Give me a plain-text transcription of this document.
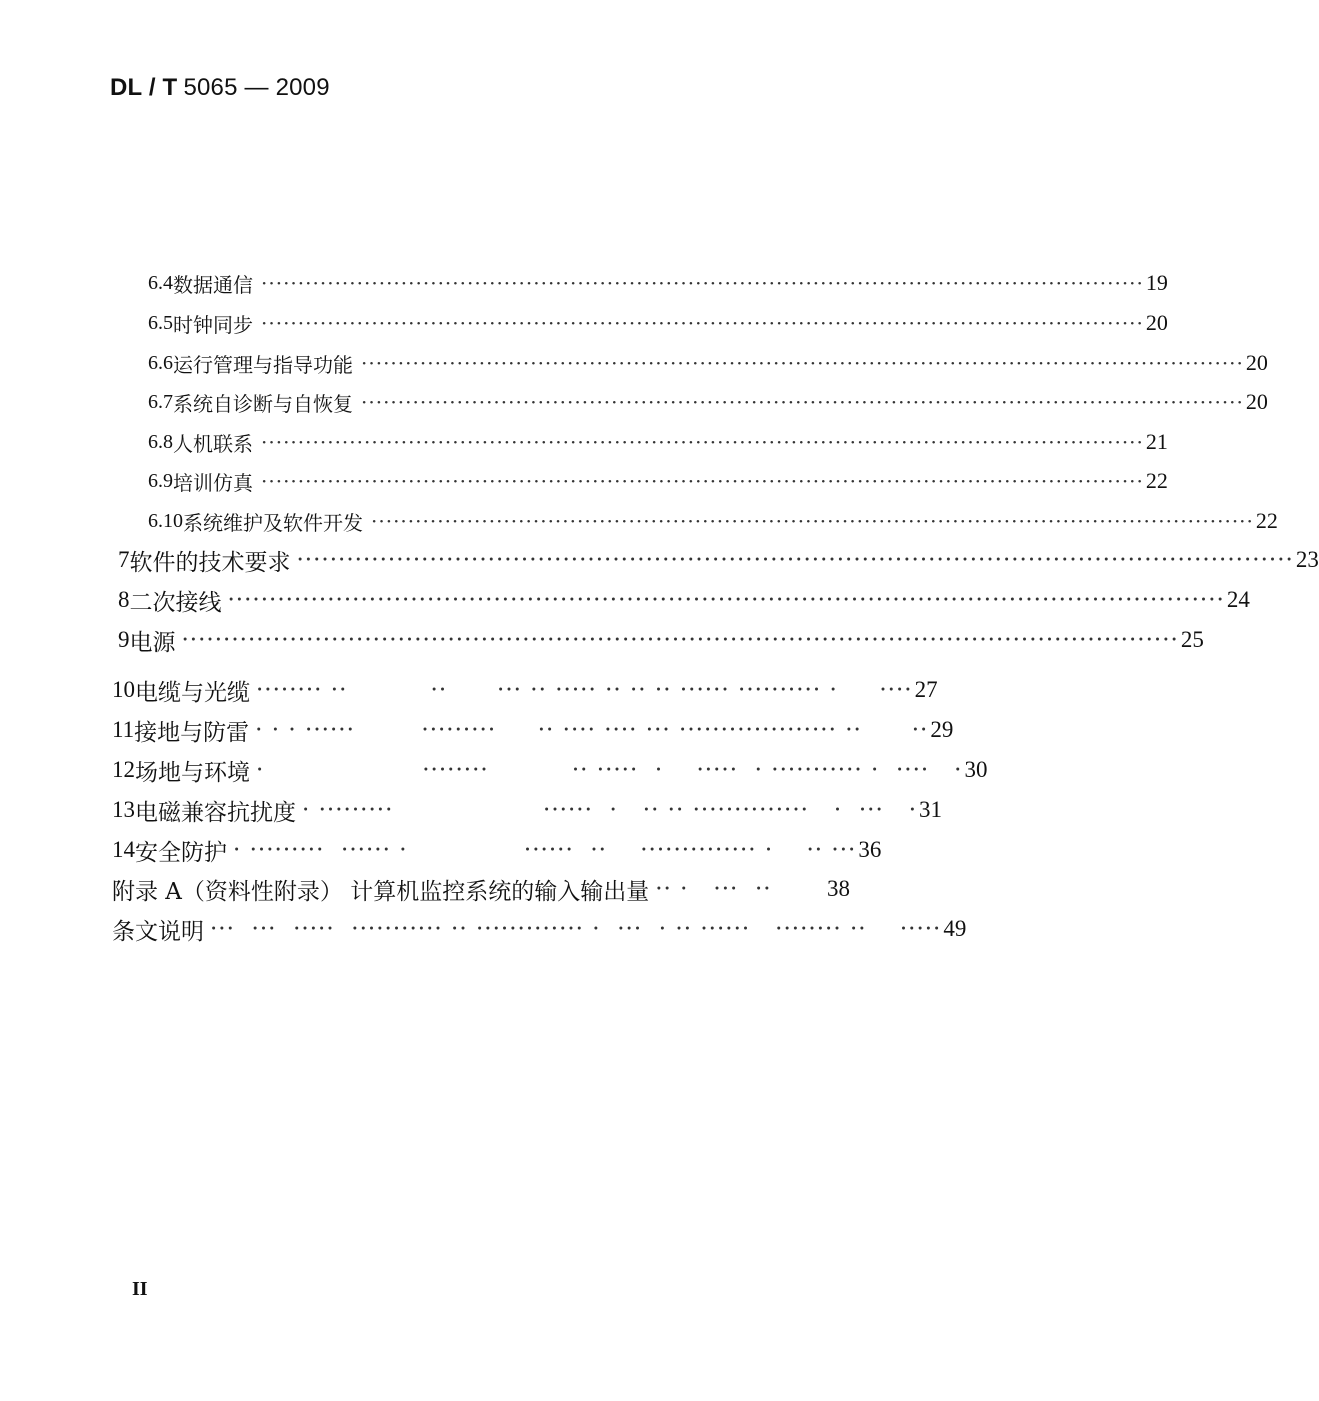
DL / T 5065 — 2009
6.4 数据通信 ························································································································ 19
6.5 时钟同步 ························································································································ 20
6.6 运行管理与指导功能 ························································································································ 20
6.7 系统自诊断与自恢复 ························································································································ 20
6.8 人机联系 ························································································································ 21
6.9 培训仿真 ························································································································ 22
6.10 系统维护及软件开发 ························································································································ 22
7 软件的技术要求 ························································································································ 23
8 二次接线 ························································································································ 24
9 电源 ························································································································ 25
10 电缆与光缆 ········ ··          ··      ··· ·· ····· ·· ·· ·· ······ ·········· ·     ···· 27
11 接地与防雷 · · · ······        ·········     ·· ···· ···· ··· ··················· ··      ·· 29
12 场地与环境 ·                   ········          ·· ·····  ·    ·····  · ··········· ·  ····   · 30
13 电磁兼容抗扰度 · ·········                  ······  ·   ·· ·· ··············   ·  ···   · 31
14 安全防护 · ·········  ······ ·              ······  ··    ·············· ·    ·· ··· 36
附录 A（资料性附录） 计算机监控系统的输入输出量 ·· ·   ···  ··	38
条文说明 ···  ···  ·····  ··········· ·· ············· ·  ···  · ·· ······   ········ ··    ····· 49
II
